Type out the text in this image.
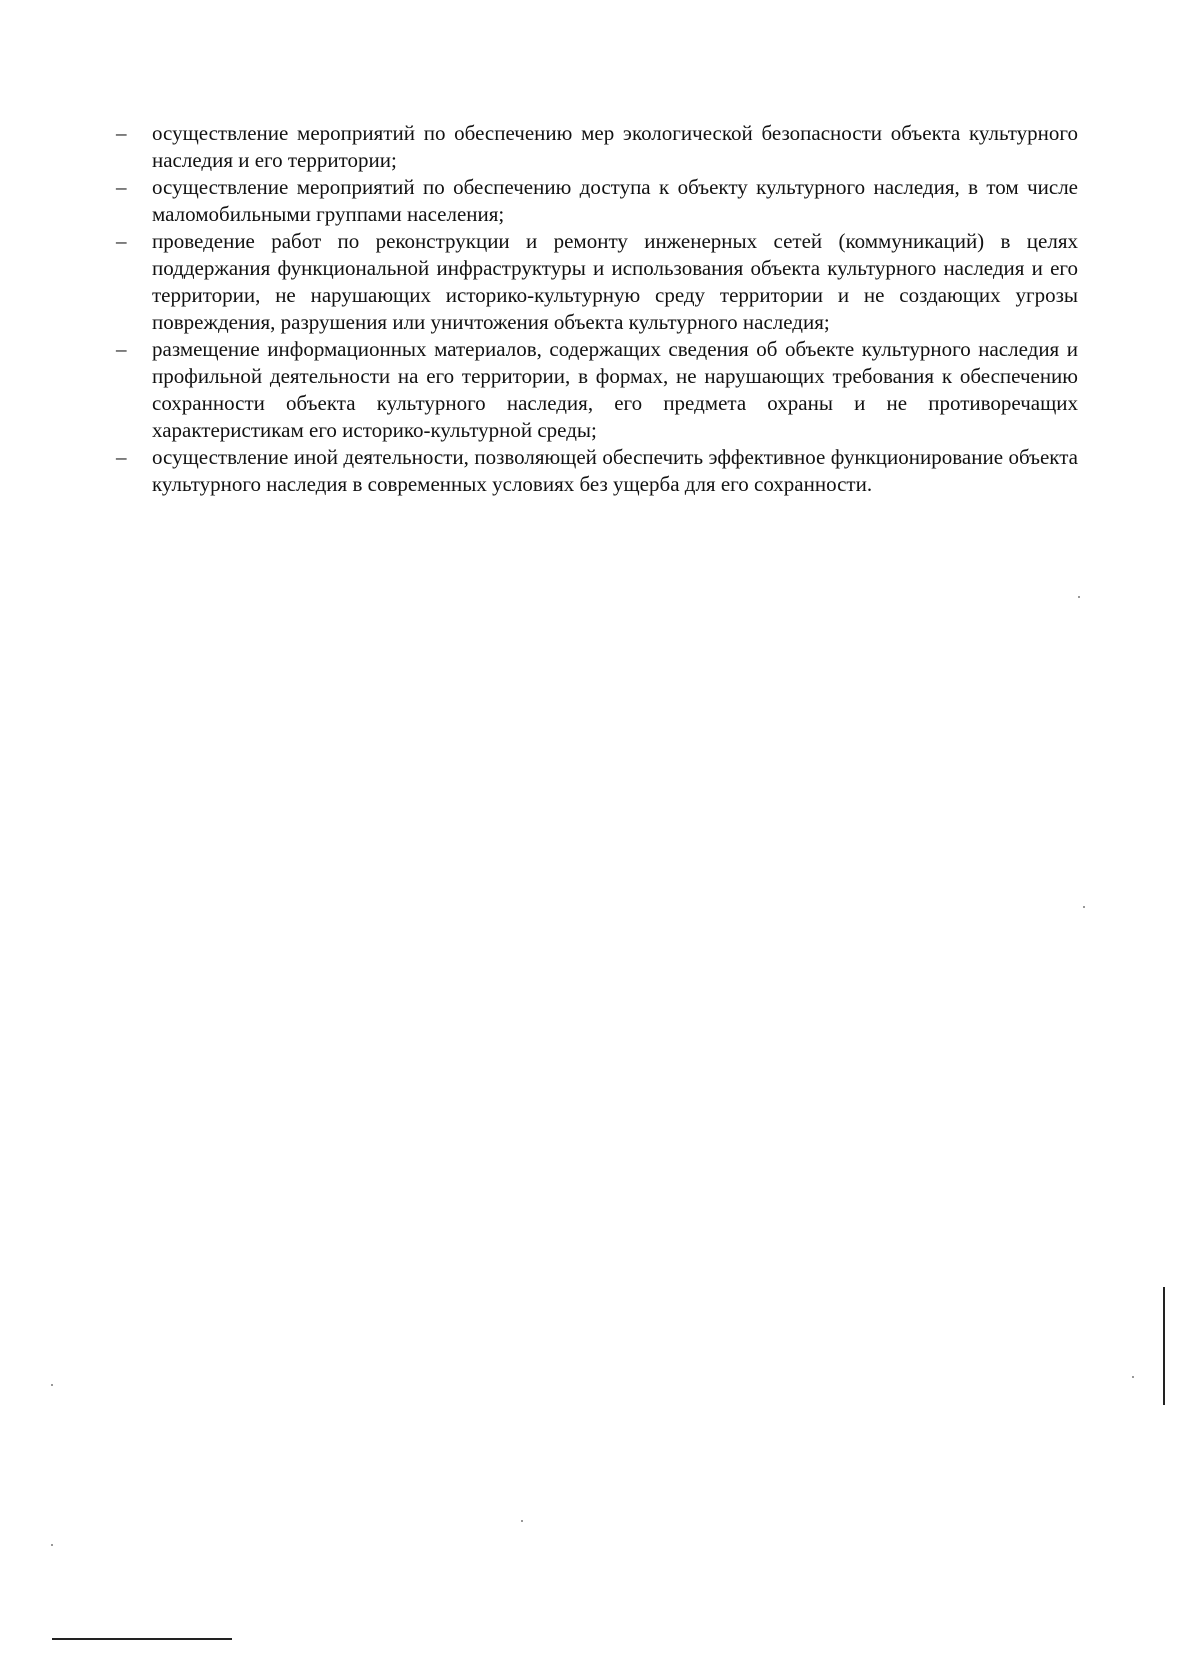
–	осуществление мероприятий по обеспечению мер экологической безопасности объекта культурного наследия и его территории;
–	осуществление мероприятий по обеспечению доступа к объекту культурного наследия, в том числе маломобильными группами населения;
–	проведение работ по реконструкции и ремонту инженерных сетей (коммуникаций) в целях поддержания функциональной инфраструктуры и использования объекта культурного наследия и его территории, не нарушающих историко-культурную среду территории и не создающих угрозы повреждения, разрушения или уничтожения объекта культурного наследия;
–	размещение информационных материалов, содержащих сведения об объекте культурного наследия и профильной деятельности на его территории, в формах, не нарушающих требования к обеспечению сохранности объекта культурного наследия, его предмета охраны и не противоречащих характеристикам его историко-культурной среды;
–	осуществление иной деятельности, позволяющей обеспечить эффективное функционирование объекта культурного наследия в современных условиях без ущерба для его сохранности.
